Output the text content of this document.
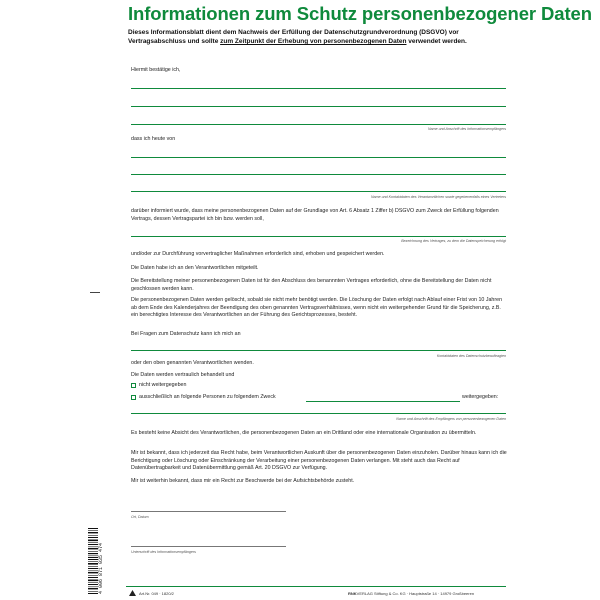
Informationen zum Schutz personenbezogener Daten
Dieses Informationsblatt dient dem Nachweis der Erfüllung der Datenschutzgrundverordnung (DSGVO) vor Vertragsabschluss und sollte zum Zeitpunkt der Erhebung von personenbezogenen Daten verwendet werden.
Hiermit bestätige ich,
Name und Anschrift des Informationsempfängers
dass ich heute von
Name und Kontaktdaten des Verantwortlichen sowie gegebenenfalls eines Vertreters
darüber informiert wurde, dass meine personenbezogenen Daten auf der Grundlage von Art. 6 Absatz 1 Ziffer b) DSGVO zum Zweck der Erfüllung folgenden Vertrags, dessen Vertragspartei ich bin bzw. werden soll,
Bezeichnung des Vertrages, zu dem die Datenspeicherung erfolgt
und/oder zur Durchführung vorvertraglicher Maßnahmen erforderlich sind, erhoben und gespeichert werden.
Die Daten habe ich an den Verantwortlichen mitgeteilt.
Die Bereitstellung meiner personenbezogenen Daten ist für den Abschluss des benannnten Vertrages erforderlich, ohne die Bereitstellung der Daten nicht geschlossen werden kann.
Die personenbezogenen Daten werden gelöscht, sobald sie nicht mehr benötigt werden. Die Löschung der Daten erfolgt nach Ablauf einer Frist von 10 Jahren ab dem Ende des Kalenderjahres der Beendigung des oben genannten Vertragsverhältnisses, wenn nicht ein weitergehender Grund für die Speicherung, z.B. ein berechtigtes Interesse des Verantwortlichen an der Führung des Gerichtsprozesses, besteht.
Bei Fragen zum Datenschutz kann ich mich an
Kontaktdaten des Datenschutzbeauftragten
oder den oben genannten Verantwortlichen wenden.
Die Daten werden vertraulich behandelt und
nicht weitergegeben
ausschließlich an folgende Personen zu folgendem Zweck	weitergegeben:
Name und Anschrift des Empfängers von personenbezogenen Daten
Es besteht keine Absicht des Verantwortlichen, die personenbezogenen Daten an ein Drittland oder eine internationale Organisation zu übermitteln.
Mir ist bekannt, dass ich jederzeit das Recht habe, beim Verantwortlichen Auskunft über die personenbezogenen Daten einzuholen. Darüber hinaus kann ich die Berichtigung oder Löschung oder Einschränkung der Verarbeitung einer personenbezogenen Daten verlangen. Mit steht auch das Recht auf Datenübertragbarkeit und Datenübermittlung gemäß Art. 20 DSGVO zur Verfügung.
Mir ist weiterhin bekannt, dass mir ein Recht zur Beschwerde bei der Aufsichtsbehörde zusteht.
Ort, Datum
Unterschrift des Informationsempfängers
4 006 871 035 474	Art.Nr. 049 · 1820/2	RNKVERLAG Stiftung & Co. KG · Hauptstraße 14 · 14979 Großbeeren
